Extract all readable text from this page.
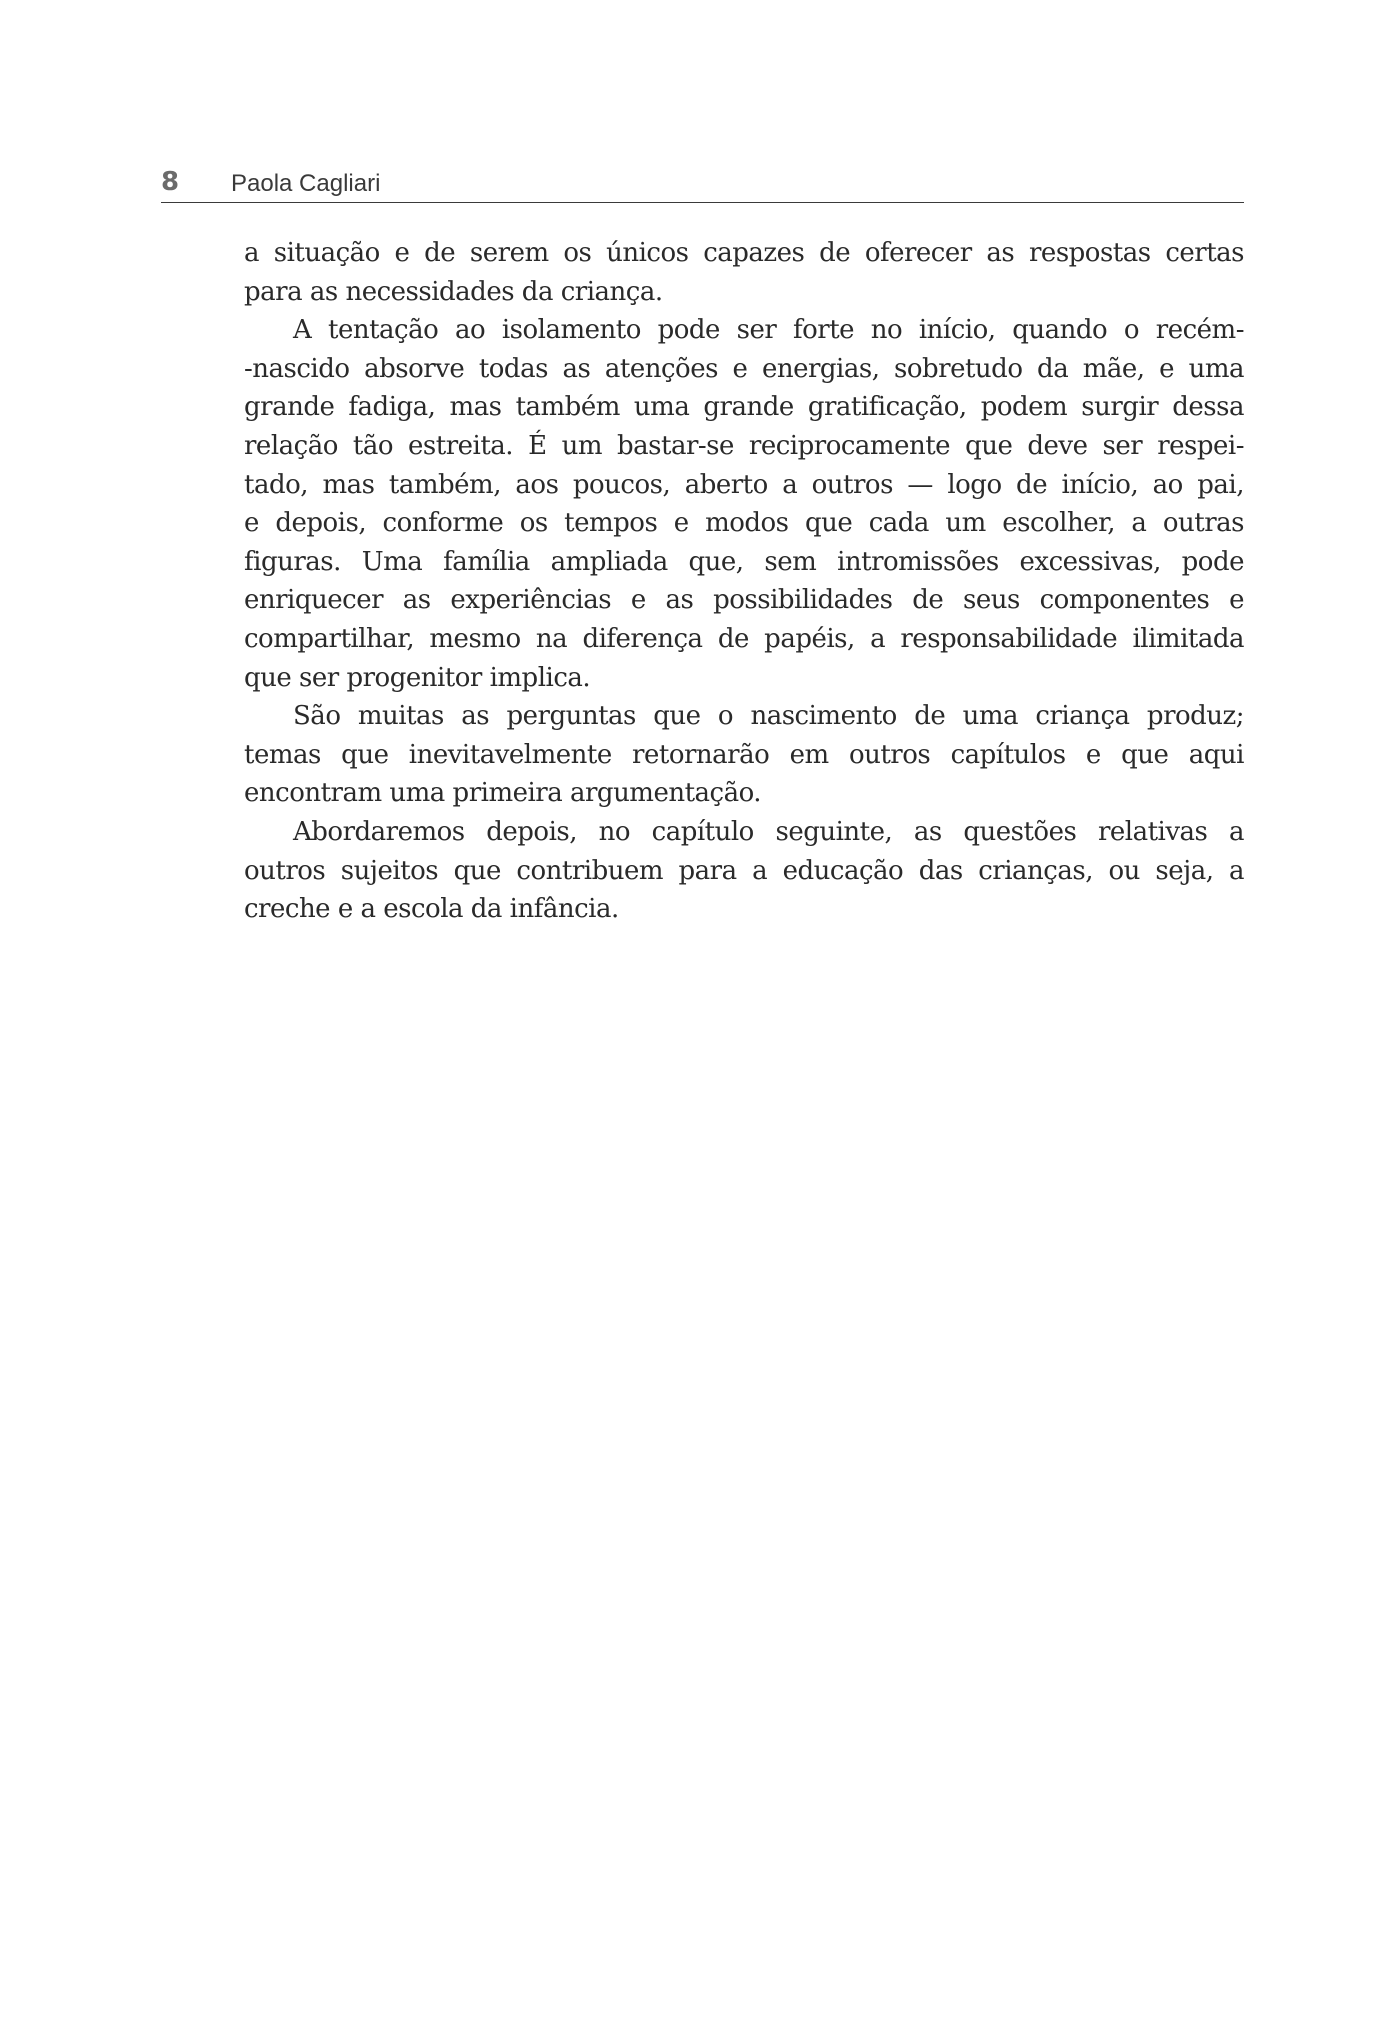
8 Paola Cagliari
a situação e de serem os únicos capazes de oferecer as respostas certas
para as necessidades da criança.
A tentação ao isolamento pode ser forte no início, quando o recém-
-nascido absorve todas as atenções e energias, sobretudo da mãe, e uma
grande fadiga, mas também uma grande gratificação, podem surgir dessa
relação tão estreita. É um bastar-se reciprocamente que deve ser respei-
tado, mas também, aos poucos, aberto a outros — logo de início, ao pai,
e depois, conforme os tempos e modos que cada um escolher, a outras
figuras. Uma família ampliada que, sem intromissões excessivas, pode
enriquecer as experiências e as possibilidades de seus componentes e
compartilhar, mesmo na diferença de papéis, a responsabilidade ilimitada
que ser progenitor implica.
São muitas as perguntas que o nascimento de uma criança produz;
temas que inevitavelmente retornarão em outros capítulos e que aqui
encontram uma primeira argumentação.
Abordaremos depois, no capítulo seguinte, as questões relativas a
outros sujeitos que contribuem para a educação das crianças, ou seja, a
creche e a escola da infância.
